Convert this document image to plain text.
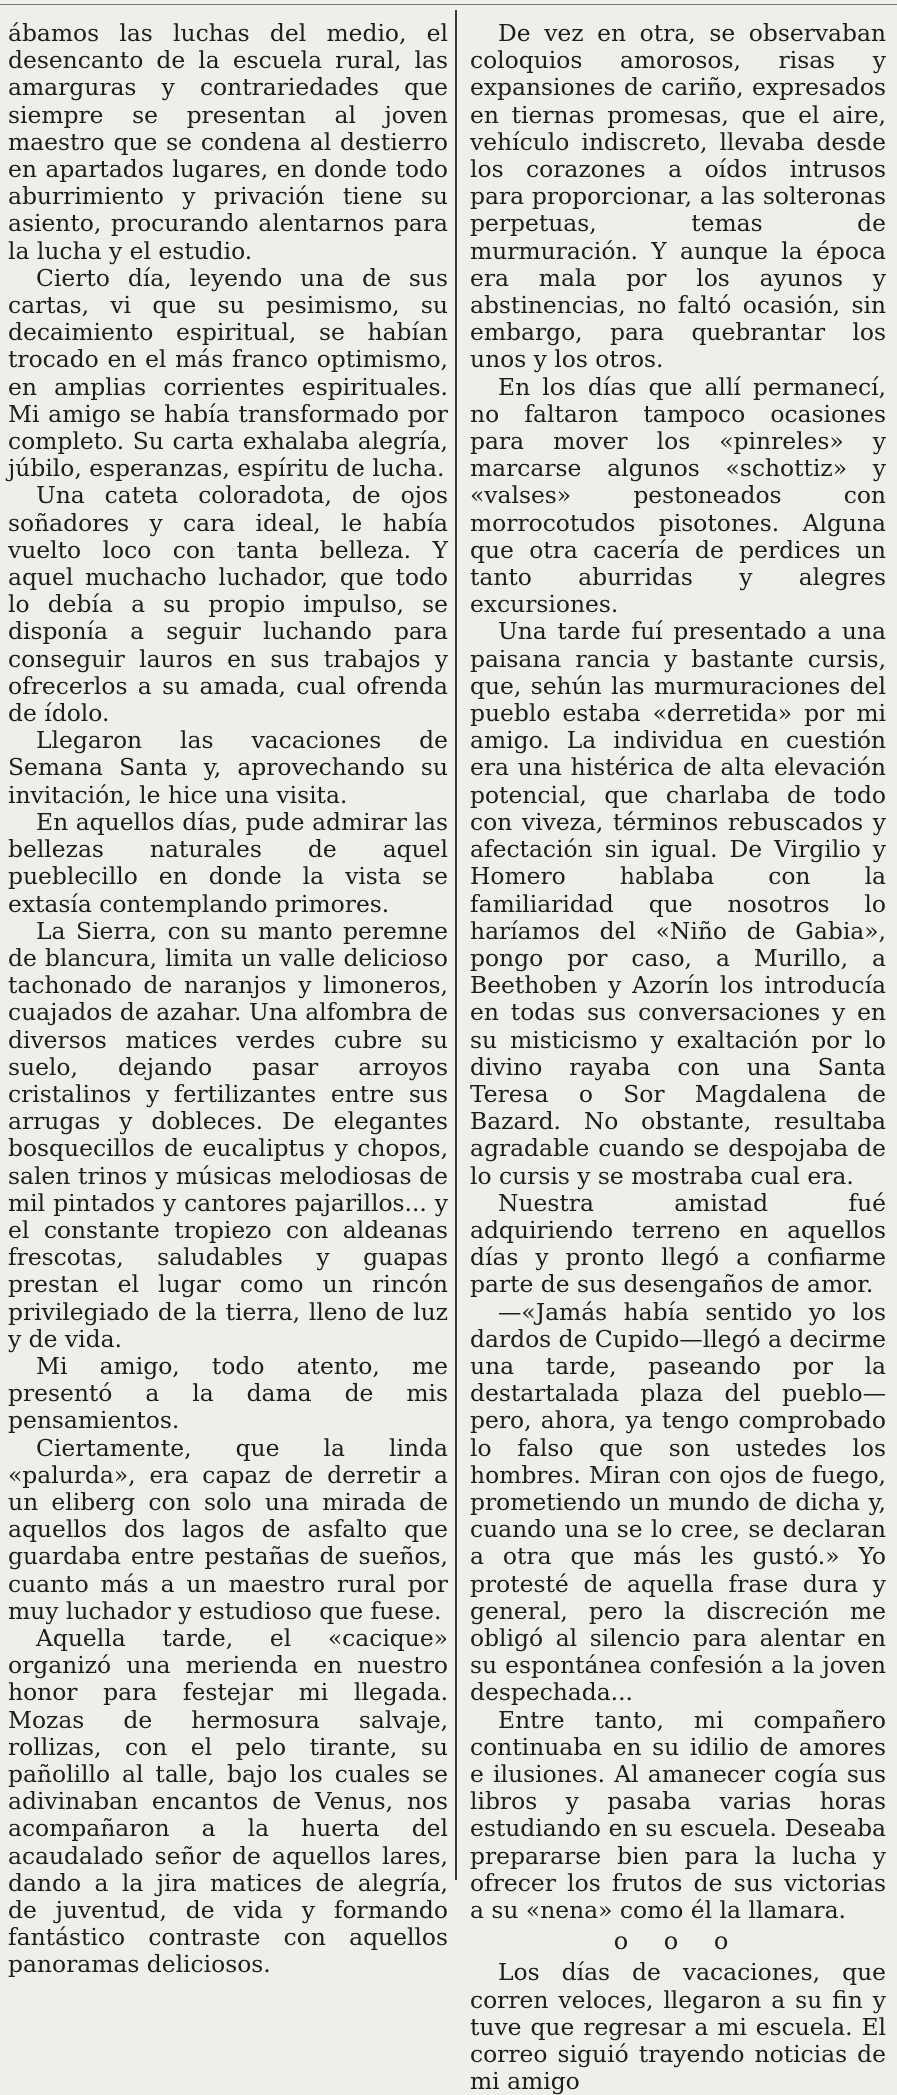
ábamos las luchas del medio, el desencanto de la escuela rural, las amarguras y contrariedades que siempre se presentan al joven maestro que se condena al destierro en apartados lugares, en donde todo aburrimiento y privación tiene su asiento, procurando alentarnos para la lucha y el estudio.

Cierto día, leyendo una de sus cartas, vi que su pesimismo, su decaimiento espiritual, se habían trocado en el más franco optimismo, en amplias corrientes espirituales. Mi amigo se había transformado por completo. Su carta exhalaba alegría, júbilo, esperanzas, espíritu de lucha.

Una cateta coloradota, de ojos soñadores y cara ideal, le había vuelto loco con tanta belleza. Y aquel muchacho luchador, que todo lo debía a su propio impulso, se disponía a seguir luchando para conseguir lauros en sus trabajos y ofrecerlos a su amada, cual ofrenda de ídolo.

Llegaron las vacaciones de Semana Santa y, aprovechando su invitación, le hice una visita.

En aquellos días, pude admirar las bellezas naturales de aquel pueblecillo en donde la vista se extasía contemplando primores.

La Sierra, con su manto peremne de blancura, limita un valle delicioso tachonado de naranjos y limoneros, cuajados de azahar. Una alfombra de diversos matices verdes cubre su suelo, dejando pasar arroyos cristalinos y fertilizantes entre sus arrugas y dobleces. De elegantes bosquecillos de eucaliptus y chopos, salen trinos y músicas melodiosas de mil pintados y cantores pajarillos... y el constante tropiezo con aldeanas frescotas, saludables y guapas prestan el lugar como un rincón privilegiado de la tierra, lleno de luz y de vida.

Mi amigo, todo atento, me presentó a la dama de mis pensamientos.

Ciertamente, que la linda «palurda», era capaz de derretir a un eliberg con solo una mirada de aquellos dos lagos de asfalto que guardaba entre pestañas de sueños, cuanto más a un maestro rural por muy luchador y estudioso que fuese.

Aquella tarde, el «cacique» organizó una merienda en nuestro honor para festejar mi llegada. Mozas de hermosura salvaje, rollizas, con el pelo tirante, su pañolillo al talle, bajo los cuales se adivinaban encantos de Venus, nos acompañaron a la huerta del acaudalado señor de aquellos lares, dando a la jira matices de alegría, de juventud, de vida y formando fantástico contraste con aquellos panoramas deliciosos.

De vez en otra, se observaban coloquios amorosos, risas y expansiones de cariño, expresados en tiernas promesas, que el aire, vehículo indiscreto, llevaba desde los corazones a oídos intrusos para proporcionar, a las solteronas perpetuas, temas de murmuración. Y aunque la época era mala por los ayunos y abstinencias, no faltó ocasión, sin embargo, para quebrantar los unos y los otros.

En los días que allí permanecí, no faltaron tampoco ocasiones para mover los «pinreles» y marcarse algunos «schottiz» y «valses» pestoneados con morrocotudos pisotones. Alguna que otra cacería de perdices un tanto aburridas y alegres excursiones.

Una tarde fuí presentado a una paisana rancia y bastante cursis, que, sehún las murmuraciones del pueblo estaba «derretida» por mi amigo. La individua en cuestión era una histérica de alta elevación potencial, que charlaba de todo con viveza, términos rebuscados y afectación sin igual. De Virgilio y Homero hablaba con la familiaridad que nosotros lo haríamos del «Niño de Gabia», pongo por caso, a Murillo, a Beethoben y Azorín los introducía en todas sus conversaciones y en su misticismo y exaltación por lo divino rayaba con una Santa Teresa o Sor Magdalena de Bazard. No obstante, resultaba agradable cuando se despojaba de lo cursis y se mostraba cual era.

Nuestra amistad fué adquiriendo terreno en aquellos días y pronto llegó a confiarme parte de sus desengaños de amor.

—«Jamás había sentido yo los dardos de Cupido—llegó a decirme una tarde, paseando por la destartalada plaza del pueblo—pero, ahora, ya tengo comprobado lo falso que son ustedes los hombres. Miran con ojos de fuego, prometiendo un mundo de dicha y, cuando una se lo cree, se declaran a otra que más les gustó.» Yo protesté de aquella frase dura y general, pero la discreción me obligó al silencio para alentar en su espontánea confesión a la joven despechada...

Entre tanto, mi compañero continuaba en su idilio de amores e ilusiones. Al amanecer cogía sus libros y pasaba varias horas estudiando en su escuela. Deseaba prepararse bien para la lucha y ofrecer los frutos de sus victorias a su «nena» como él la llamara.

o o o

Los días de vacaciones, que corren veloces, llegaron a su fin y tuve que regresar a mi escuela. El correo siguió trayendo noticias de mi amigo
